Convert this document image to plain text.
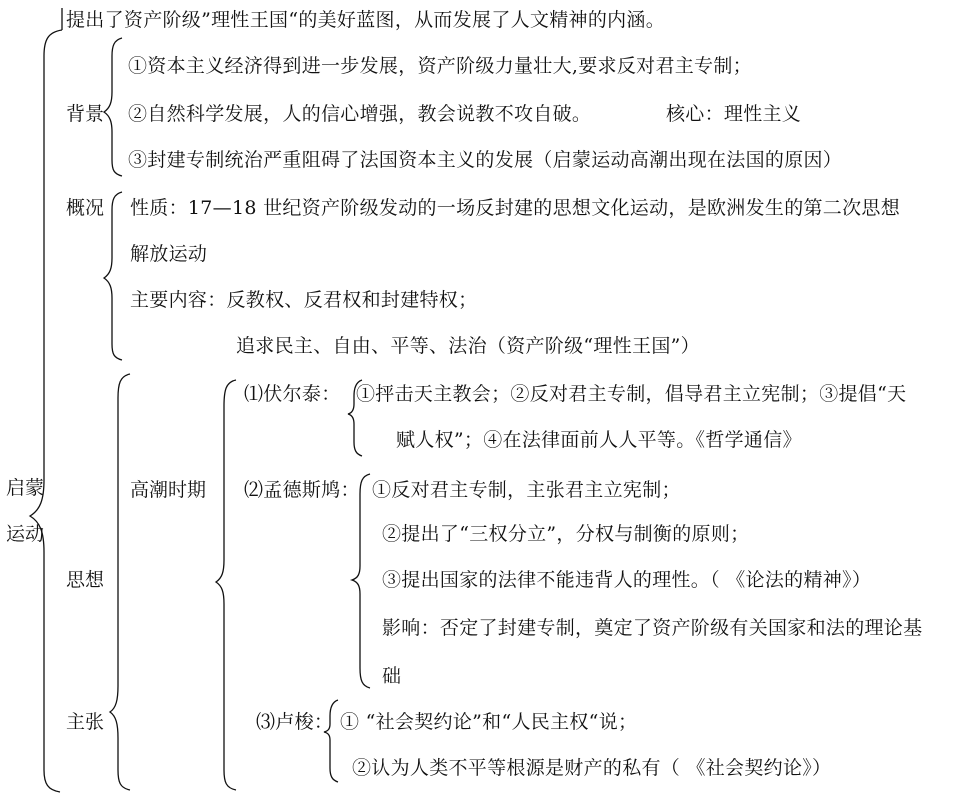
提出了资产阶级”理性王国“的美好蓝图，从而发展了人文精神的内涵。
启蒙
运动
背景
①资本主义经济得到进一步发展，资产阶级力量壮大,要求反对君主专制；
②自然科学发展，人的信心增强，教会说教不攻自破。	核心：理性主义
③封建专制统治严重阻碍了法国资本主义的发展（启蒙运动高潮出现在法国的原因）
概况 性质：17—18 世纪资产阶级发动的一场反封建的思想文化运动，是欧洲发生的第二次思想
解放运动
主要内容：反教权、反君权和封建特权；
追求民主、自由、平等、法治（资产阶级“理性王国”）
思想
主张
高潮时期
⑴伏尔泰： ①抨击天主教会；②反对君主专制，倡导君主立宪制；③提倡“天
赋人权”；④在法律面前人人平等。《哲学通信》
⑵孟德斯鸠： ①反对君主专制，主张君主立宪制；
②提出了“三权分立”，分权与制衡的原则；
③提出国家的法律不能违背人的理性。（ 《论法的精神》）
影响：否定了封建专制，奠定了资产阶级有关国家和法的理论基
础
⑶卢梭： ① “社会契约论”和“人民主权“说；
②认为人类不平等根源是财产的私有（ 《社会契约论》）
